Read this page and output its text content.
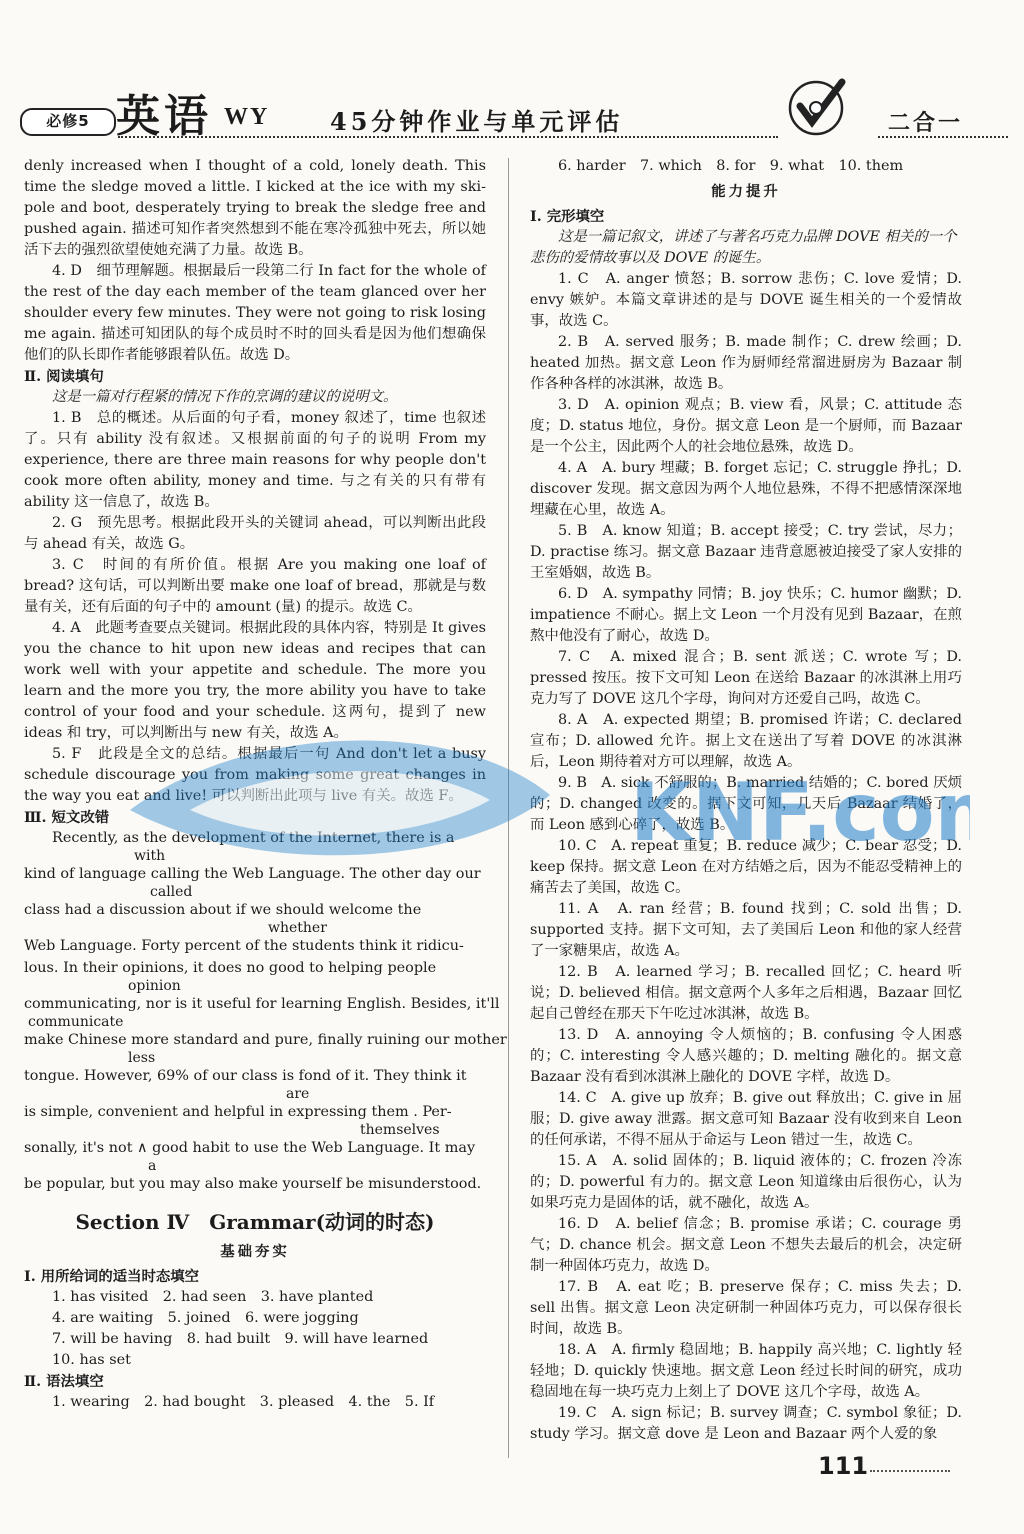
必修5 英语 WY	45分钟作业与单元评估	二合一

denly increased when I thought of a cold, lonely death. This time the sledge moved a little. I kicked at the ice with my ski-pole and boot, desperately trying to break the sledge free and pushed again. 描述可知作者突然想到不能在寒冷孤独中死去，所以她活下去的强烈欲望使她充满了力量。故选 B。

4. D　细节理解题。根据最后一段第二行 In fact for the whole of the rest of the day each member of the team glanced over her shoulder every few minutes. They were not going to risk losing me again. 描述可知团队的每个成员时不时的回头看是因为他们想确保他们的队长即作者能够跟着队伍。故选 D。

Ⅱ. 阅读填句

这是一篇对行程紧的情况下作的烹调的建议的说明文。

1. B　总的概述。从后面的句子看，money 叙述了，time 也叙述了。只有 ability 没有叙述。又根据前面的句子的说明 From my experience, there are three main reasons for why people don't cook more often ability, money and time. 与之有关的只有带有 ability 这一信息了，故选 B。

2. G　预先思考。根据此段开头的关键词 ahead，可以判断出此段与 ahead 有关，故选 G。

3. C　时间的有所价值。根据 Are you making one loaf of bread? 这句话，可以判断出要 make one loaf of bread，那就是与数量有关，还有后面的句子中的 amount (量) 的提示。故选 C。

4. A　此题考查要点关键词。根据此段的具体内容，特别是 It gives you the chance to hit upon new ideas and recipes that can work well with your appetite and schedule. The more you learn and the more you try, the more ability you have to take control of your food and your schedule. 这两句，提到了 new ideas 和 try，可以判断出与 new 有关，故选 A。

5. F　此段是全文的总结。根据最后一句 And don't let a busy schedule discourage you from making some great changes in the way you eat and live! 可以判断出此项与 live 有关。故选 F。

Ⅲ. 短文改错

Recently, as the development of the Internet, there is a
with
kind of language calling the Web Language. The other day our
called
class had a discussion about if we should welcome the
whether
Web Language. Forty percent of the students think it ridicu-
lous. In their opinions, it does no good to helping people
opinion
communicating, nor is it useful for learning English. Besides, it'll
communicate
make Chinese more standard and pure, finally ruining our mother
less
tongue. However, 69% of our class is fond of it. They think it
are
is simple, convenient and helpful in expressing them . Per-
themselves
sonally, it's not ∧ good habit to use the Web Language. It may
a
be popular, but you may also make yourself be misunderstood.
Section Ⅳ　Grammar(动词的时态)
基础夯实

Ⅰ. 用所给词的适当时态填空

1. has visited　2. had seen　3. have planted

4. are waiting　5. joined　6. were jogging

7. will be having　8. had built　9. will have learned

10. has set

Ⅱ. 语法填空

1. wearing　2. had bought　3. pleased　4. the　5. If

6. harder　7. which　8. for　9. what　10. them

能力提升

Ⅰ. 完形填空

这是一篇记叙文，讲述了与著名巧克力品牌 DOVE 相关的一个悲伤的爱情故事以及 DOVE 的诞生。

1. C　A. anger 愤怒；B. sorrow 悲伤；C. love 爱情；D. envy 嫉妒。本篇文章讲述的是与 DOVE 诞生相关的一个爱情故事，故选 C。

2. B　A. served 服务；B. made 制作；C. drew 绘画；D. heated 加热。据文意 Leon 作为厨师经常溜进厨房为 Bazaar 制作各种各样的冰淇淋，故选 B。

3. D　A. opinion 观点；B. view 看，风景；C. attitude 态度；D. status 地位，身份。据文意 Leon 是一个厨师，而 Bazaar 是一个公主，因此两个人的社会地位悬殊，故选 D。

4. A　A. bury 埋藏；B. forget 忘记；C. struggle 挣扎；D. discover 发现。据文意因为两个人地位悬殊，不得不把感情深深地埋藏在心里，故选 A。

5. B　A. know 知道；B. accept 接受；C. try 尝试，尽力；D. practise 练习。据文意 Bazaar 违背意愿被迫接受了家人安排的王室婚姻，故选 B。

6. D　A. sympathy 同情；B. joy 快乐；C. humor 幽默；D. impatience 不耐心。据上文 Leon 一个月没有见到 Bazaar，在煎熬中他没有了耐心，故选 D。

7. C　A. mixed 混合；B. sent 派送；C. wrote 写；D. pressed 按压。按下文可知 Leon 在送给 Bazaar 的冰淇淋上用巧克力写了 DOVE 这几个字母，询问对方还爱自己吗，故选 C。

8. A　A. expected 期望；B. promised 许诺；C. declared 宣布；D. allowed 允许。据上文在送出了写着 DOVE 的冰淇淋后，Leon 期待着对方可以理解，故选 A。

9. B　A. sick 不舒服的；B. married 结婚的；C. bored 厌烦的；D. changed 改变的。据下文可知，几天后 Bazaar 结婚了，而 Leon 感到心碎了，故选 B。

10. C　A. repeat 重复；B. reduce 减少；C. bear 忍受；D. keep 保持。据文意 Leon 在对方结婚之后，因为不能忍受精神上的痛苦去了美国，故选 C。

11. A　A. ran 经营；B. found 找到；C. sold 出售；D. supported 支持。据下文可知，去了美国后 Leon 和他的家人经营了一家糖果店，故选 A。

12. B　A. learned 学习；B. recalled 回忆；C. heard 听说；D. believed 相信。据文意两个人多年之后相遇，Bazaar 回忆起自己曾经在那天下午吃过冰淇淋，故选 B。

13. D　A. annoying 令人烦恼的；B. confusing 令人困惑的；C. interesting 令人感兴趣的；D. melting 融化的。据文意 Bazaar 没有看到冰淇淋上融化的 DOVE 字样，故选 D。

14. C　A. give up 放弃；B. give out 释放出；C. give in 屈服；D. give away 泄露。据文意可知 Bazaar 没有收到来自 Leon 的任何承诺，不得不屈从于命运与 Leon 错过一生，故选 C。

15. A　A. solid 固体的；B. liquid 液体的；C. frozen 冷冻的；D. powerful 有力的。据文意 Leon 知道缘由后很伤心，认为如果巧克力是固体的话，就不融化，故选 A。

16. D　A. belief 信念；B. promise 承诺；C. courage 勇气；D. chance 机会。据文意 Leon 不想失去最后的机会，决定研制一种固体巧克力，故选 D。

17. B　A. eat 吃；B. preserve 保存；C. miss 失去；D. sell 出售。据文意 Leon 决定研制一种固体巧克力，可以保存很长时间，故选 B。

18. A　A. firmly 稳固地；B. happily 高兴地；C. lightly 轻轻地；D. quickly 快速地。据文意 Leon 经过长时间的研究，成功稳固地在每一块巧克力上刻上了 DOVE 这几个字母，故选 A。

19. C　A. sign 标记；B. survey 调查；C. symbol 象征；D. study 学习。据文意 dove 是 Leon and Bazaar 两个人爱的象

KNF.co
111
